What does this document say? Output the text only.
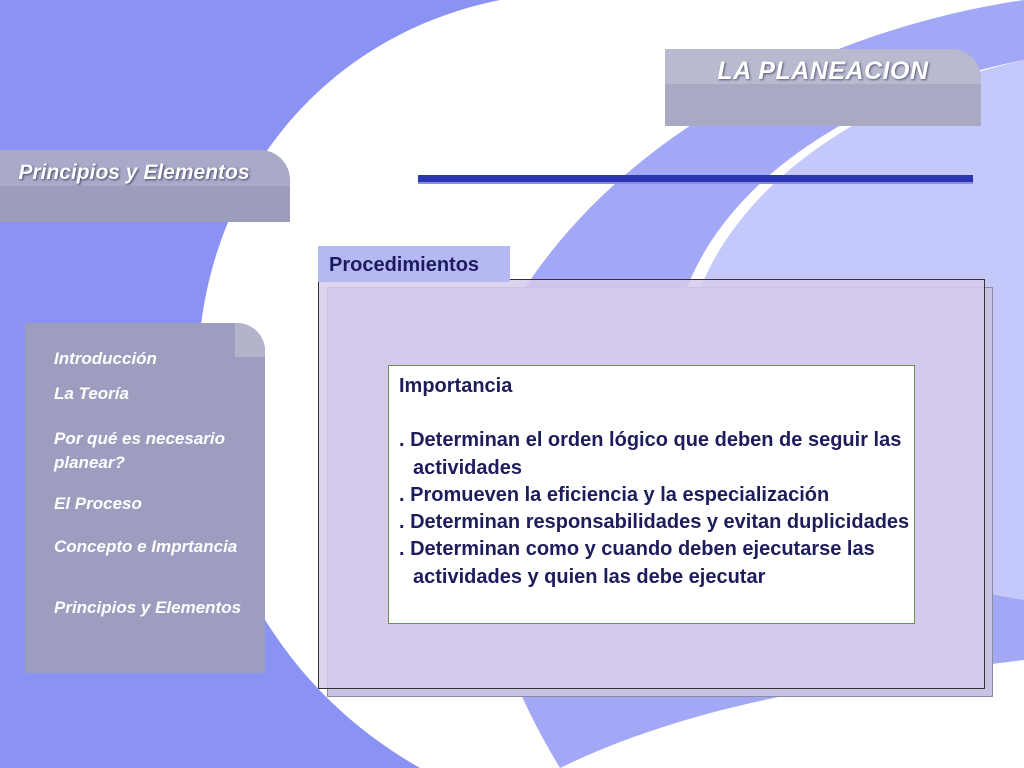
LA PLANEACION
Principios y Elementos
Introducción
La Teoría
Por qué es necesario planear?
El Proceso
Concepto e Imprtancia
Principios y Elementos
Procedimientos
Importancia
. Determinan el orden lógico que deben de seguir las actividades
. Promueven la eficiencia y la especialización
. Determinan responsabilidades y evitan duplicidades
. Determinan como y cuando deben ejecutarse las actividades y quien las debe ejecutar
